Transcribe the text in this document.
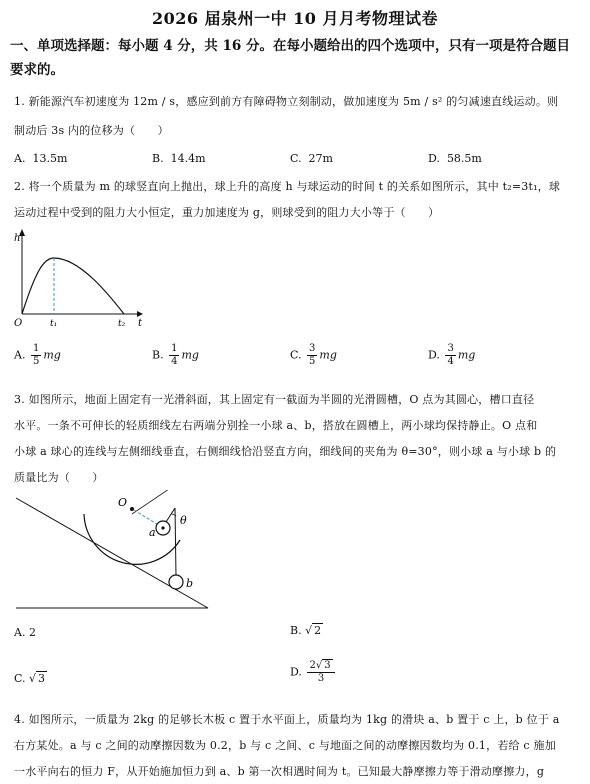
2026 届泉州一中 10 月月考物理试卷
一、单项选择题：每小题 4 分，共 16 分。在每小题给出的四个选项中，只有一项是符合题目
要求的。
1. 新能源汽车初速度为 12m / s，感应到前方有障碍物立刻制动，做加速度为 5m / s² 的匀减速直线运动。则
制动后 3s 内的位移为（　　）
A. 13.5m	B. 14.4m	C. 27m	D. 58.5m
2. 将一个质量为 m 的球竖直向上抛出，球上升的高度 h 与球运动的时间 t 的关系如图所示，其中 t₂=3t₁，球
运动过程中受到的阻力大小恒定，重力加速度为 g，则球受到的阻力大小等于（　　）
h
t
O	t₁	t₂
A. $\frac{1}{5}$ mg	B. $\frac{1}{4}$ mg	C. $\frac{3}{5}$ mg	D. $\frac{3}{4}$ mg
3. 如图所示，地面上固定有一光滑斜面，其上固定有一截面为半圆的光滑圆槽，O 点为其圆心，槽口直径
水平。一条不可伸长的轻质细线左右两端分别拴一小球 a、b，搭放在圆槽上，两小球均保持静止。O 点和
小球 a 球心的连线与左侧细线垂直，右侧细线恰沿竖直方向，细线间的夹角为 θ=30°，则小球 a 与小球 b 的
质量比为（　　）
O
a
b
θ
A. 2	B. √ 2
C. √ 3	D. $\frac{2√ 3}{3}$
4. 如图所示，一质量为 2kg 的足够长木板 c 置于水平面上，质量均为 1kg 的滑块 a、b 置于 c 上，b 位于 a
右方某处。a 与 c 之间的动摩擦因数为 0.2，b 与 c 之间、c 与地面之间的动摩擦因数均为 0.1，若给 c 施加
一水平向右的恒力 F，从开始施加恒力到 a、b 第一次相遇时间为 t。已知最大静摩擦力等于滑动摩擦力，g
